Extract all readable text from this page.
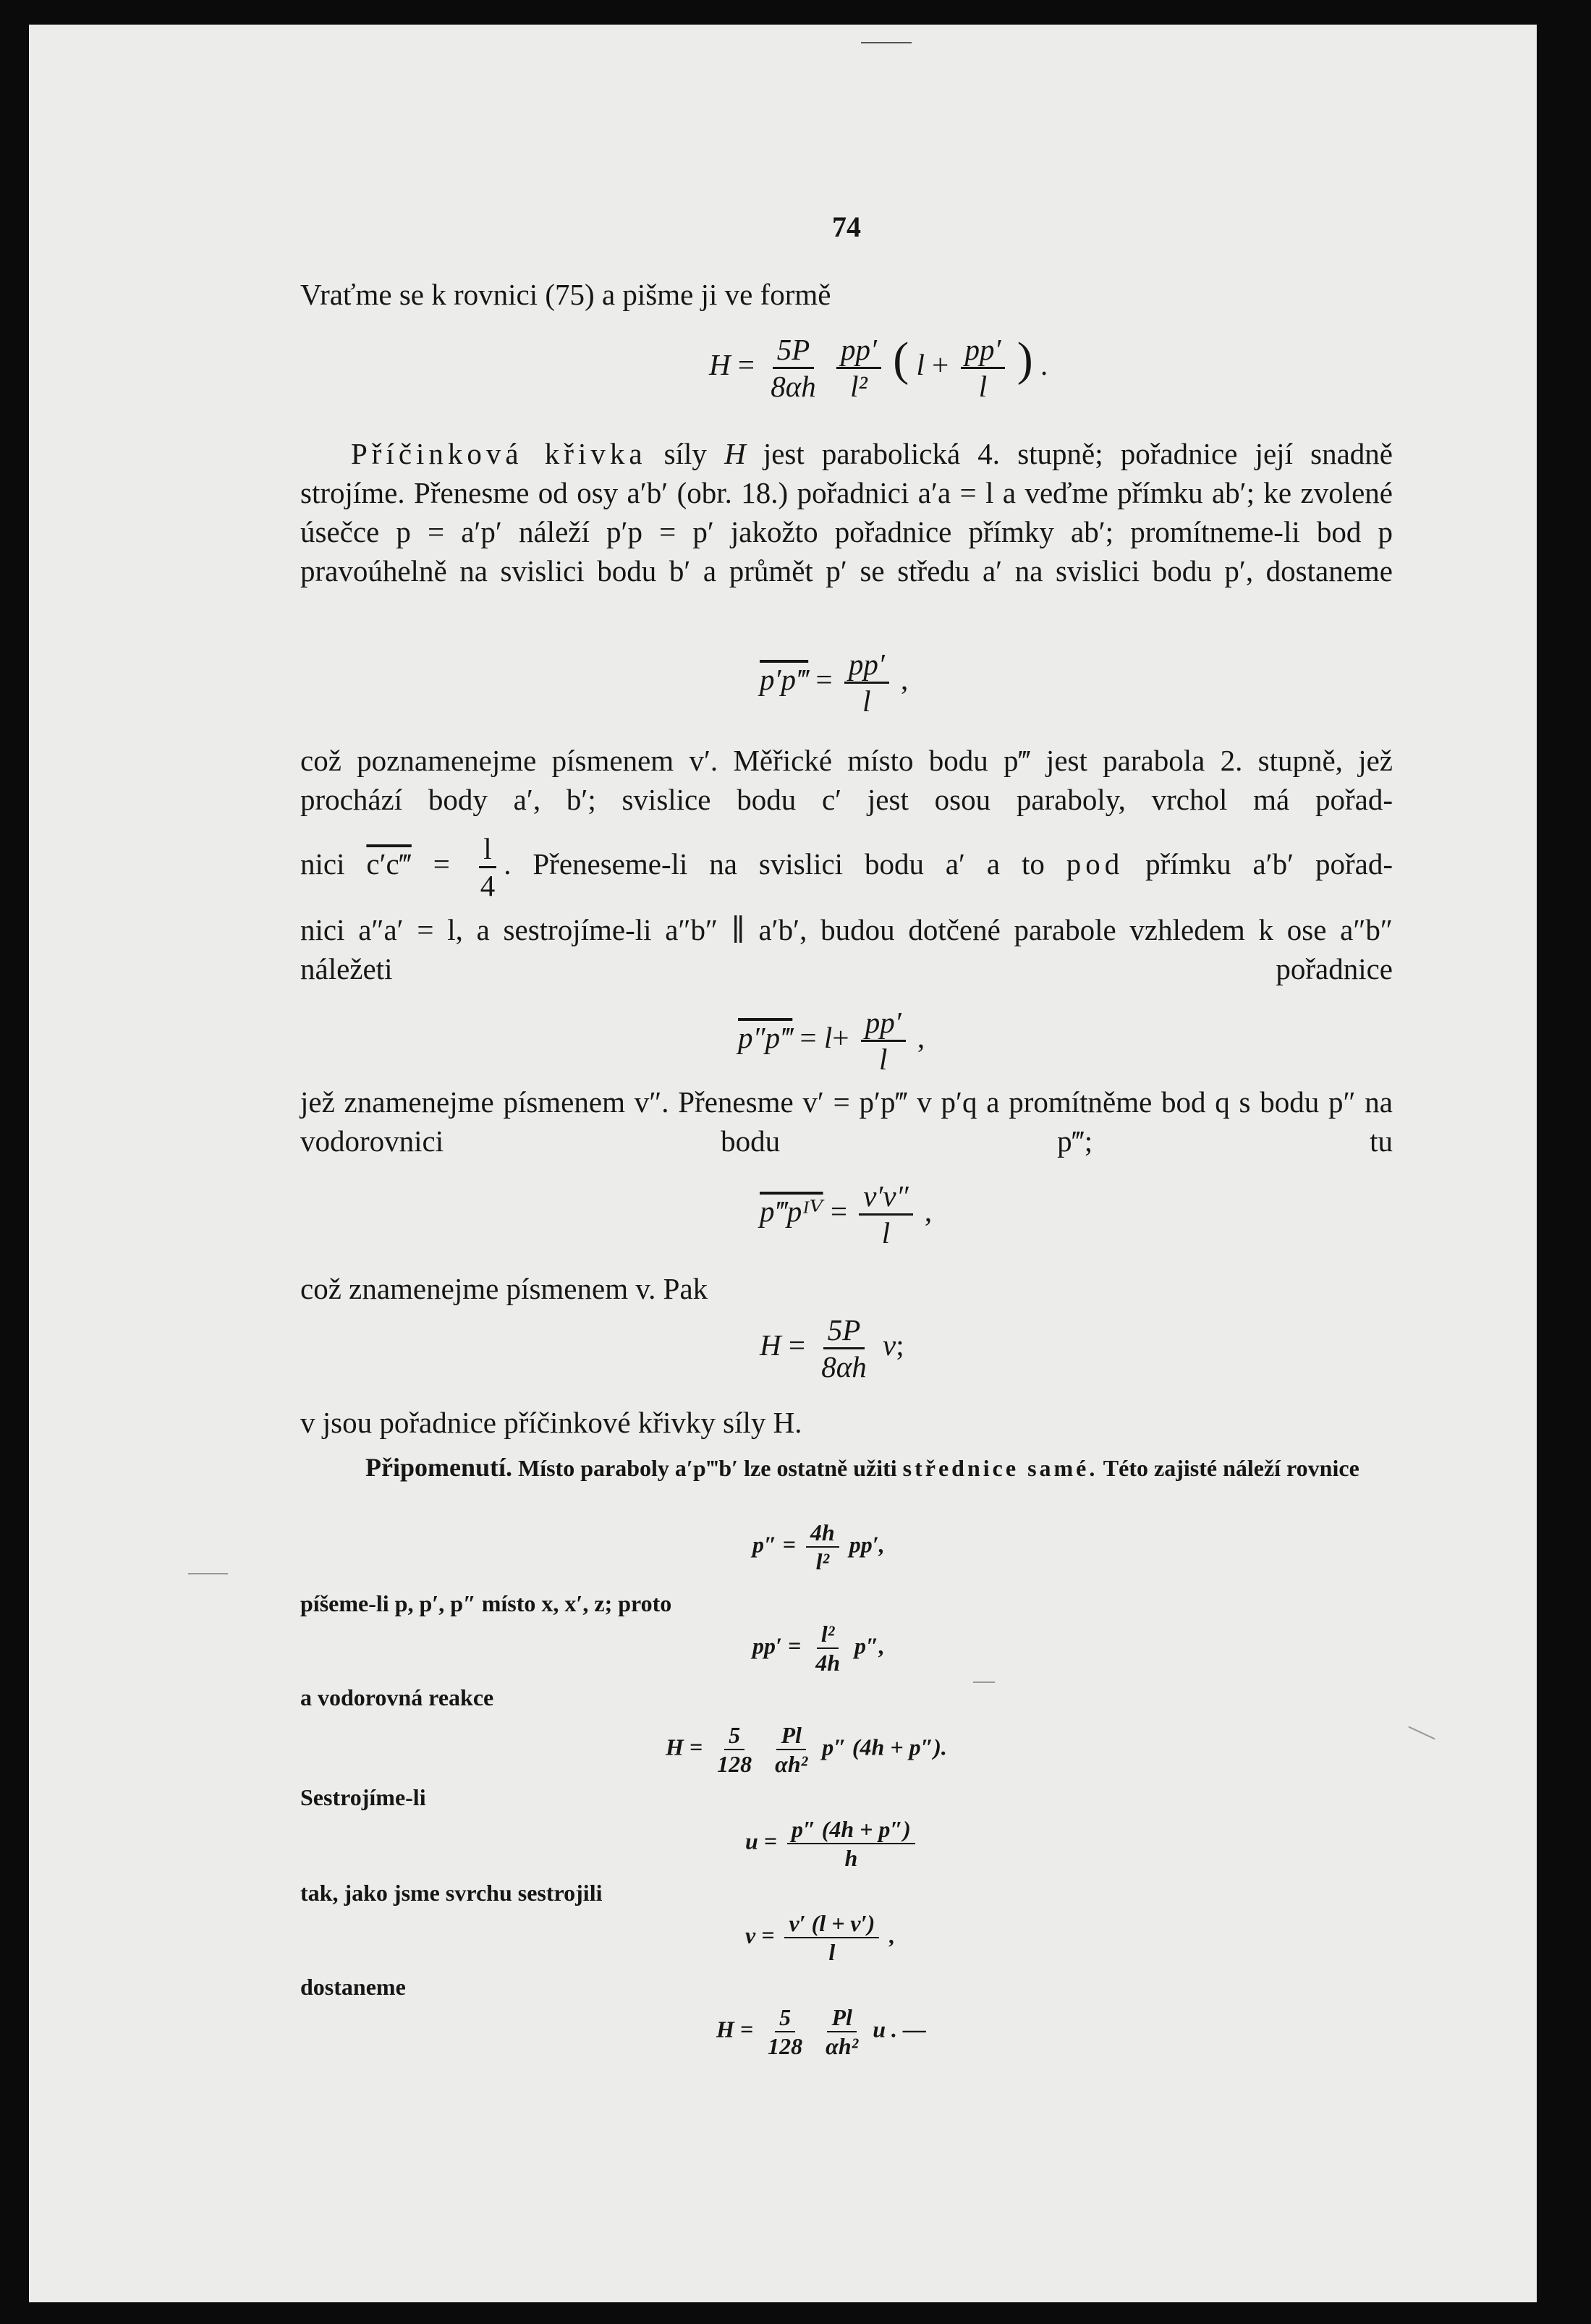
74
Vraťme se k rovnici (75) a pišme ji ve formě
$H = \frac{5P}{8\alpha h}$
$\frac{pp'}{\text{l²}}$ ( $l + \frac{pp'}{l}$ ) .
Příčinková křivka síly H jest parabolická 4. stupně; pořadnice její snadně strojíme. Přenesme od osy a′b′ (obr. 18.) pořadnici a′a = l a veďme přímku ab′; ke zvolené úsečce p = a′p′ náleží p′p = p′ jakožto pořadnice přímky ab′; promítneme-li bod p pravoúhelně na svislici bodu b′ a průmět p′ se středu a′ na svislici bodu p′, dostaneme
p′p‴ = $\frac{pp'}{l}$ ,
což poznamenejme písmenem v′. Měřické místo bodu p‴ jest parabola 2. stupně, jež prochází body a′, b′; svislice bodu c′ jest osou paraboly, vrchol má pořad-
nici c′c‴ = $\frac{l}{4}$ . Přeneseme-li na svislici bodu a′ a to pod přímku a′b′ pořad-
nici a″a′ = l, a sestrojíme-li a″b″ ∥ a′b′, budou dotčené parabole vzhledem k ose a″b″ náležeti pořadnice
p″p‴ = $l+ \frac{pp'}{l}$ ,
jež znamenejme písmenem v″. Přenesme v′ = p′p‴ v p′q a promítněme bod q s bodu p″ na vodorovnici bodu p‴; tu
p‴pᴵⱽ = $\frac{v'v''}{l}$ ,
což znamenejme písmenem v. Pak
$H = \frac{5P}{8\alpha h} v$;
v jsou pořadnice příčinkové křivky síly H.
Připomenutí. Místo paraboly a′p‴b′ lze ostatně užiti střednice samé. Této zajisté náleží rovnice
$p'' = \frac{4h}{\text{l²}} pp'$,
píšeme-li p, p′, p″ místo x, x′, z; proto
$pp' = \frac{\text{l²}}{4h} p''$,
a vodorovná reakce
$H = \frac{5}{128}$
$\frac{Pl}{\text{αh²}} p''$ (4h + p″).
Sestrojíme-li
$u = \frac{p'' (4h + p'')}{h}$
tak, jako jsme svrchu sestrojili
$v = \frac{v' (l + v')}{l}$ ,
dostaneme
$H = \frac{5}{128}$
$\frac{Pl}{\text{αh²}}$ u . —
